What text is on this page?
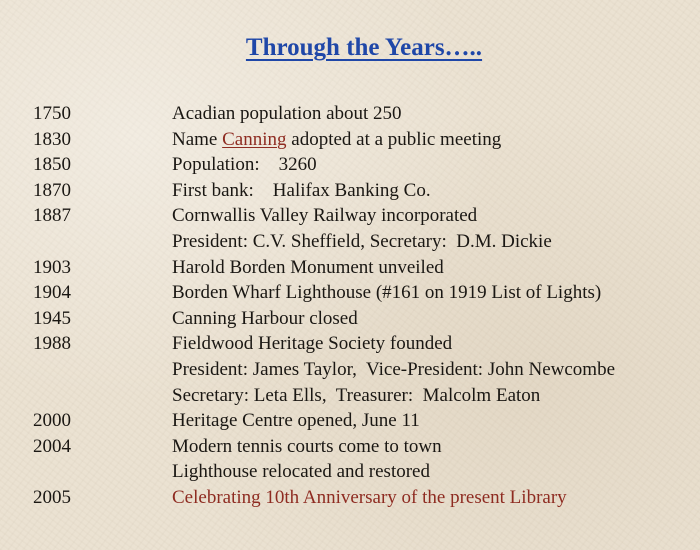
Through the Years…..
1750	Acadian population about 250
1830	Name Canning adopted at a public meeting
1850	Population:    3260
1870	First bank:    Halifax Banking Co.
1887	Cornwallis Valley Railway incorporated
President: C.V. Sheffield, Secretary:  D.M. Dickie
1903	Harold Borden Monument unveiled
1904	Borden Wharf Lighthouse (#161 on 1919 List of Lights)
1945	Canning Harbour closed
1988	Fieldwood Heritage Society founded
President: James Taylor,  Vice-President: John Newcombe
Secretary: Leta Ells,  Treasurer:  Malcolm Eaton
2000	Heritage Centre opened, June 11
2004	Modern tennis courts come to town
Lighthouse relocated and restored
2005	Celebrating 10th Anniversary of the present Library
